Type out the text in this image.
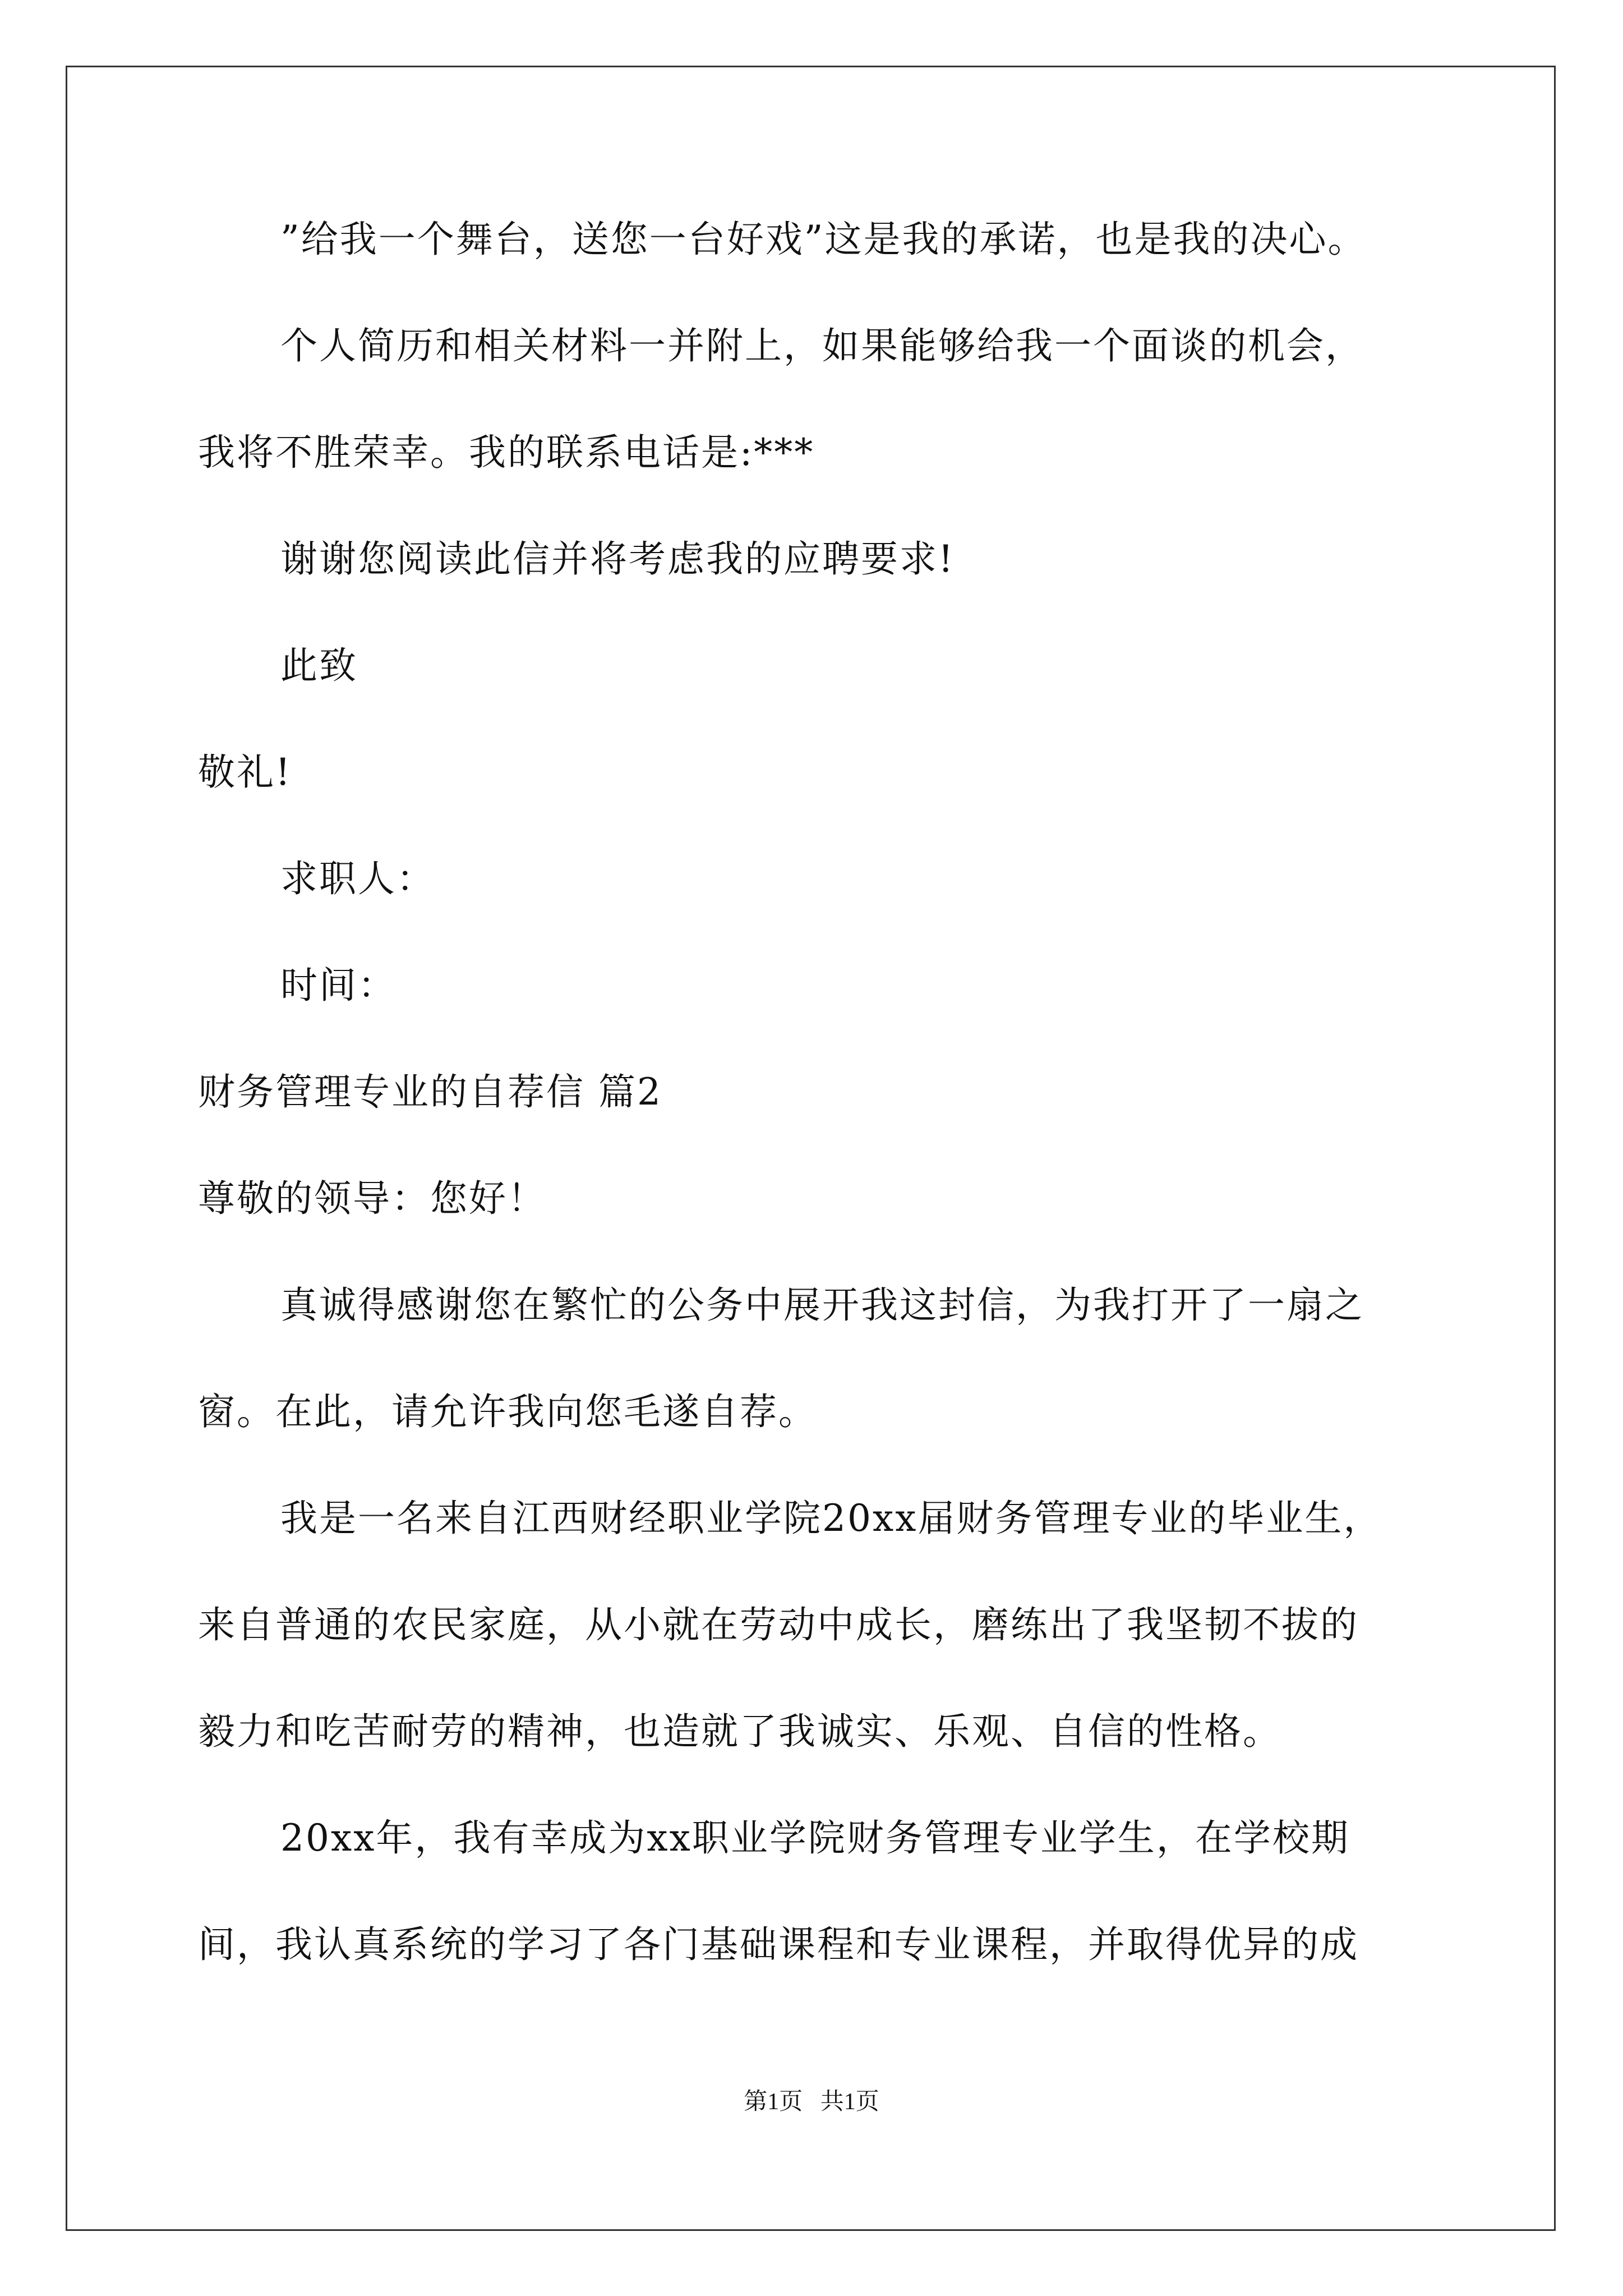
”给我一个舞台，送您一台好戏”这是我的承诺，也是我的决心。
个人简历和相关材料一并附上，如果能够给我一个面谈的机会，
我将不胜荣幸。我的联系电话是:***
谢谢您阅读此信并将考虑我的应聘要求!
此致
敬礼!
求职人：
时间：
财务管理专业的自荐信 篇2
尊敬的领导：您好！
真诚得感谢您在繁忙的公务中展开我这封信，为我打开了一扇之
窗。在此，请允许我向您毛遂自荐。
我是一名来自江西财经职业学院20xx届财务管理专业的毕业生，
来自普通的农民家庭，从小就在劳动中成长，磨练出了我坚韧不拔的
毅力和吃苦耐劳的精神，也造就了我诚实、乐观、自信的性格。
20xx年，我有幸成为xx职业学院财务管理专业学生，在学校期
间，我认真系统的学习了各门基础课程和专业课程，并取得优异的成
第1页   共1页
